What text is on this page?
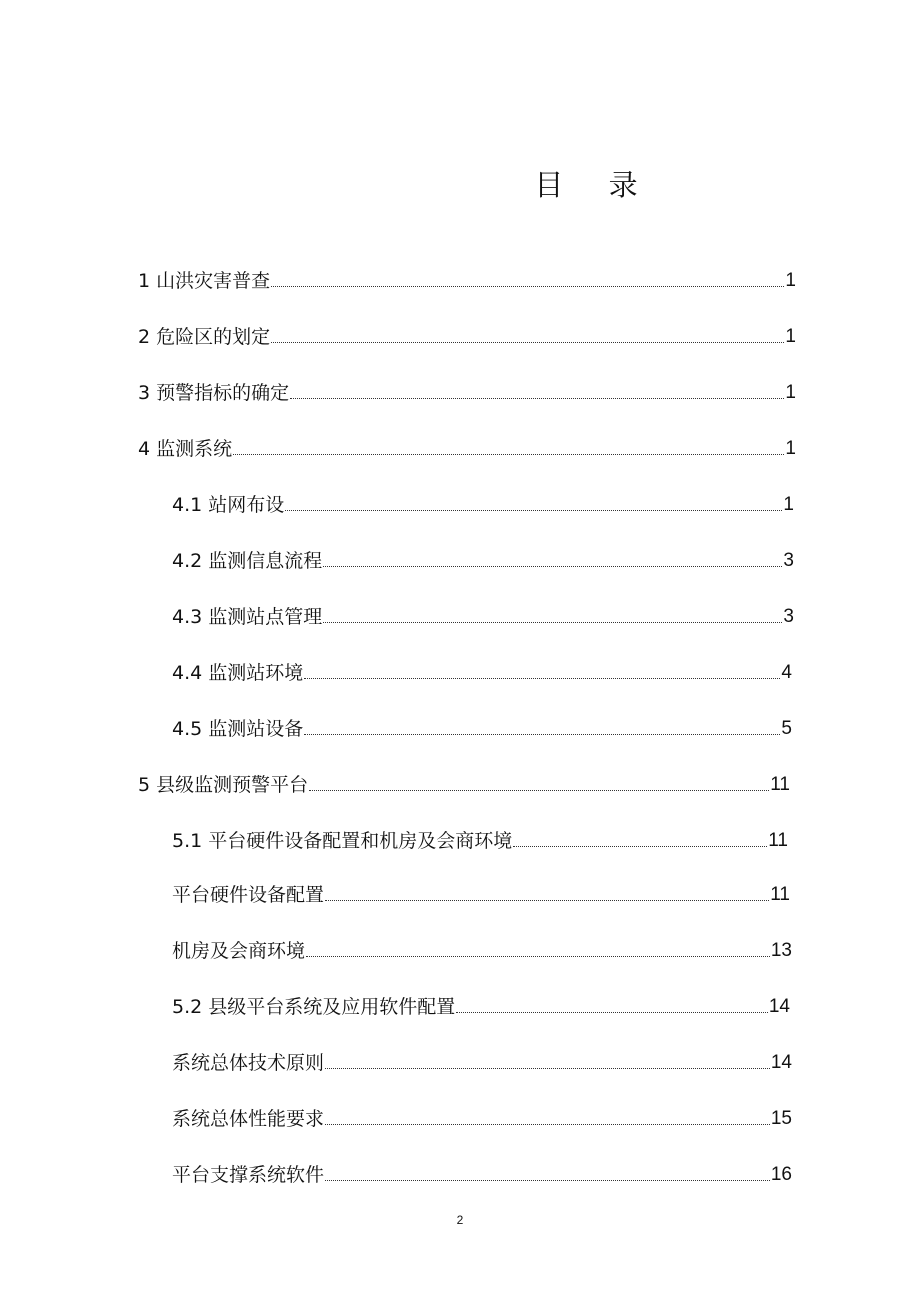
目 录
1 山洪灾害普查	1
2 危险区的划定	1
3 预警指标的确定	1
4 监测系统	1
4.1 站网布设	1
4.2 监测信息流程	3
4.3 监测站点管理	3
4.4 监测站环境	4
4.5 监测站设备	5
5 县级监测预警平台	11
5.1 平台硬件设备配置和机房及会商环境	11
平台硬件设备配置	11
机房及会商环境	13
5.2 县级平台系统及应用软件配置	14
系统总体技术原则	14
系统总体性能要求	15
平台支撑系统软件	16
2
